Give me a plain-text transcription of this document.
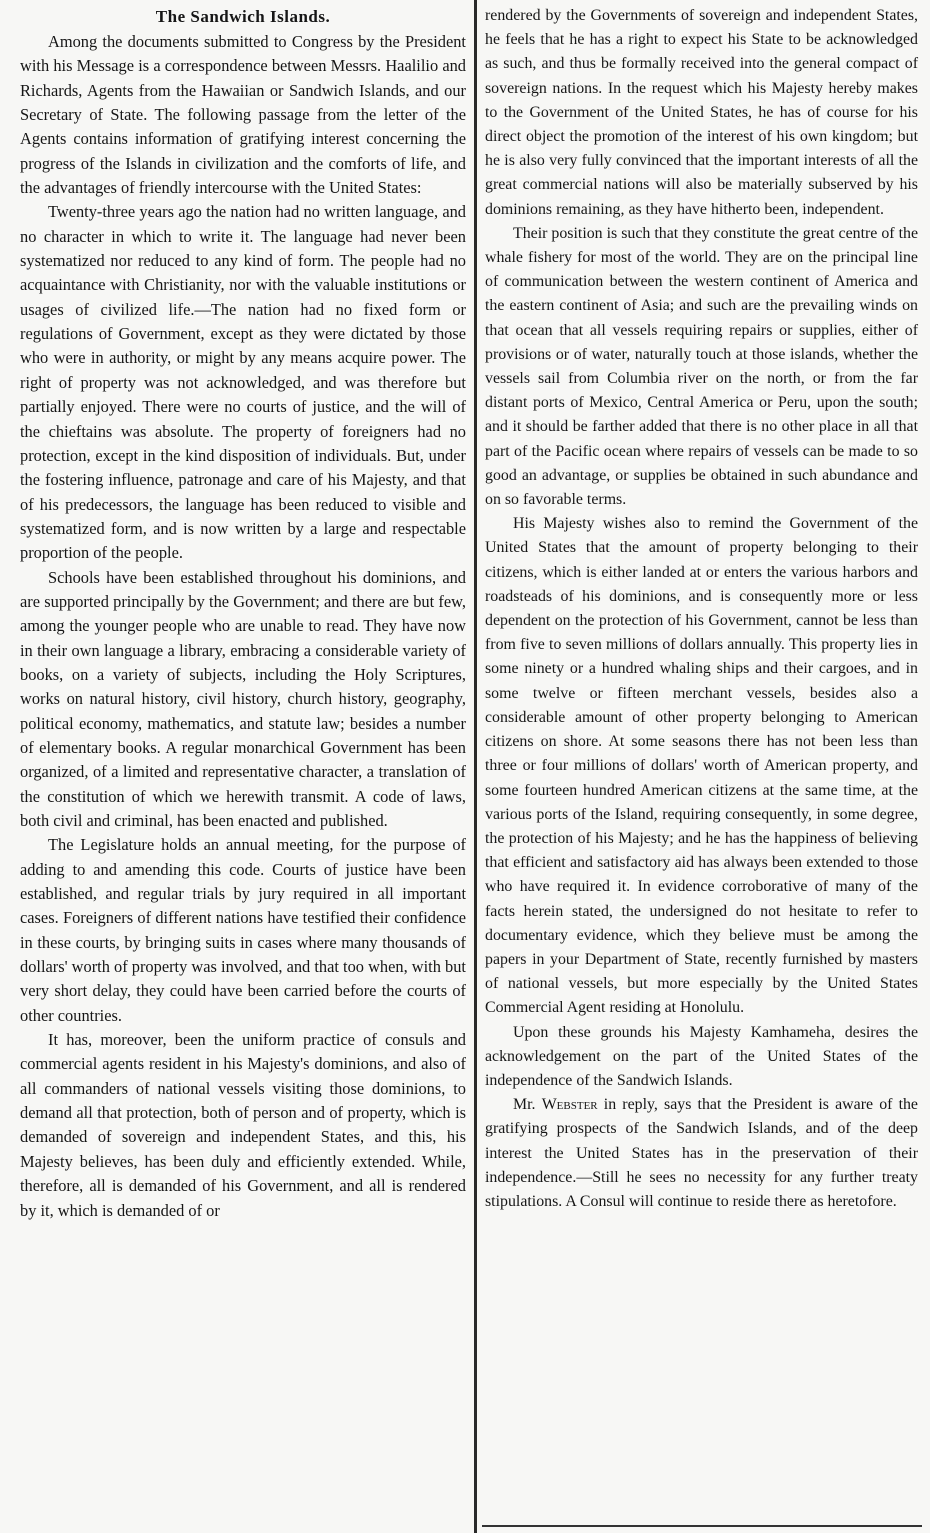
The Sandwich Islands.

Among the documents submitted to Congress by the President with his Message is a correspondence between Messrs. Haalilio and Richards, Agents from the Hawaiian or Sandwich Islands, and our Secretary of State. The following passage from the letter of the Agents contains information of gratifying interest concerning the progress of the Islands in civilization and the comforts of life, and the advantages of friendly intercourse with the United States:

Twenty-three years ago the nation had no written language, and no character in which to write it. The language had never been systematized nor reduced to any kind of form. The people had no acquaintance with Christianity, nor with the valuable institutions or usages of civilized life.—The nation had no fixed form or regulations of Government, except as they were dictated by those who were in authority, or might by any means acquire power. The right of property was not acknowledged, and was therefore but partially enjoyed. There were no courts of justice, and the will of the chieftains was absolute. The property of foreigners had no protection, except in the kind disposition of individuals. But, under the fostering influence, patronage and care of his Majesty, and that of his predecessors, the language has been reduced to visible and systematized form, and is now written by a large and respectable proportion of the people.

Schools have been established throughout his dominions, and are supported principally by the Government; and there are but few, among the younger people who are unable to read. They have now in their own language a library, embracing a considerable variety of books, on a variety of subjects, including the Holy Scriptures, works on natural history, civil history, church history, geography, political economy, mathematics, and statute law; besides a number of elementary books. A regular monarchical Government has been organized, of a limited and representative character, a translation of the constitution of which we herewith transmit. A code of laws, both civil and criminal, has been enacted and published.

The Legislature holds an annual meeting, for the purpose of adding to and amending this code. Courts of justice have been established, and regular trials by jury required in all important cases. Foreigners of different nations have testified their confidence in these courts, by bringing suits in cases where many thousands of dollars' worth of property was involved, and that too when, with but very short delay, they could have been carried before the courts of other countries.

It has, moreover, been the uniform practice of consuls and commercial agents resident in his Majesty's dominions, and also of all commanders of national vessels visiting those dominions, to demand all that protection, both of person and of property, which is demanded of sovereign and independent States, and this, his Majesty believes, has been duly and efficiently extended. While, therefore, all is demanded of his Government, and all is rendered by it, which is demanded of or

rendered by the Governments of sovereign and independent States, he feels that he has a right to expect his State to be acknowledged as such, and thus be formally received into the general compact of sovereign nations. In the request which his Majesty hereby makes to the Government of the United States, he has of course for his direct object the promotion of the interest of his own kingdom; but he is also very fully convinced that the important interests of all the great commercial nations will also be materially subserved by his dominions remaining, as they have hitherto been, independent.

Their position is such that they constitute the great centre of the whale fishery for most of the world. They are on the principal line of communication between the western continent of America and the eastern continent of Asia; and such are the prevailing winds on that ocean that all vessels requiring repairs or supplies, either of provisions or of water, naturally touch at those islands, whether the vessels sail from Columbia river on the north, or from the far distant ports of Mexico, Central America or Peru, upon the south; and it should be farther added that there is no other place in all that part of the Pacific ocean where repairs of vessels can be made to so good an advantage, or supplies be obtained in such abundance and on so favorable terms.

His Majesty wishes also to remind the Government of the United States that the amount of property belonging to their citizens, which is either landed at or enters the various harbors and roadsteads of his dominions, and is consequently more or less dependent on the protection of his Government, cannot be less than from five to seven millions of dollars annually. This property lies in some ninety or a hundred whaling ships and their cargoes, and in some twelve or fifteen merchant vessels, besides also a considerable amount of other property belonging to American citizens on shore. At some seasons there has not been less than three or four millions of dollars' worth of American property, and some fourteen hundred American citizens at the same time, at the various ports of the Island, requiring consequently, in some degree, the protection of his Majesty; and he has the happiness of believing that efficient and satisfactory aid has always been extended to those who have required it. In evidence corroborative of many of the facts herein stated, the undersigned do not hesitate to refer to documentary evidence, which they believe must be among the papers in your Department of State, recently furnished by masters of national vessels, but more especially by the United States Commercial Agent residing at Honolulu.

Upon these grounds his Majesty Kamhameha, desires the acknowledgement on the part of the United States of the independence of the Sandwich Islands.

Mr. Webster in reply, says that the President is aware of the gratifying prospects of the Sandwich Islands, and of the deep interest the United States has in the preservation of their independence.—Still he sees no necessity for any further treaty stipulations. A Consul will continue to reside there as heretofore.
